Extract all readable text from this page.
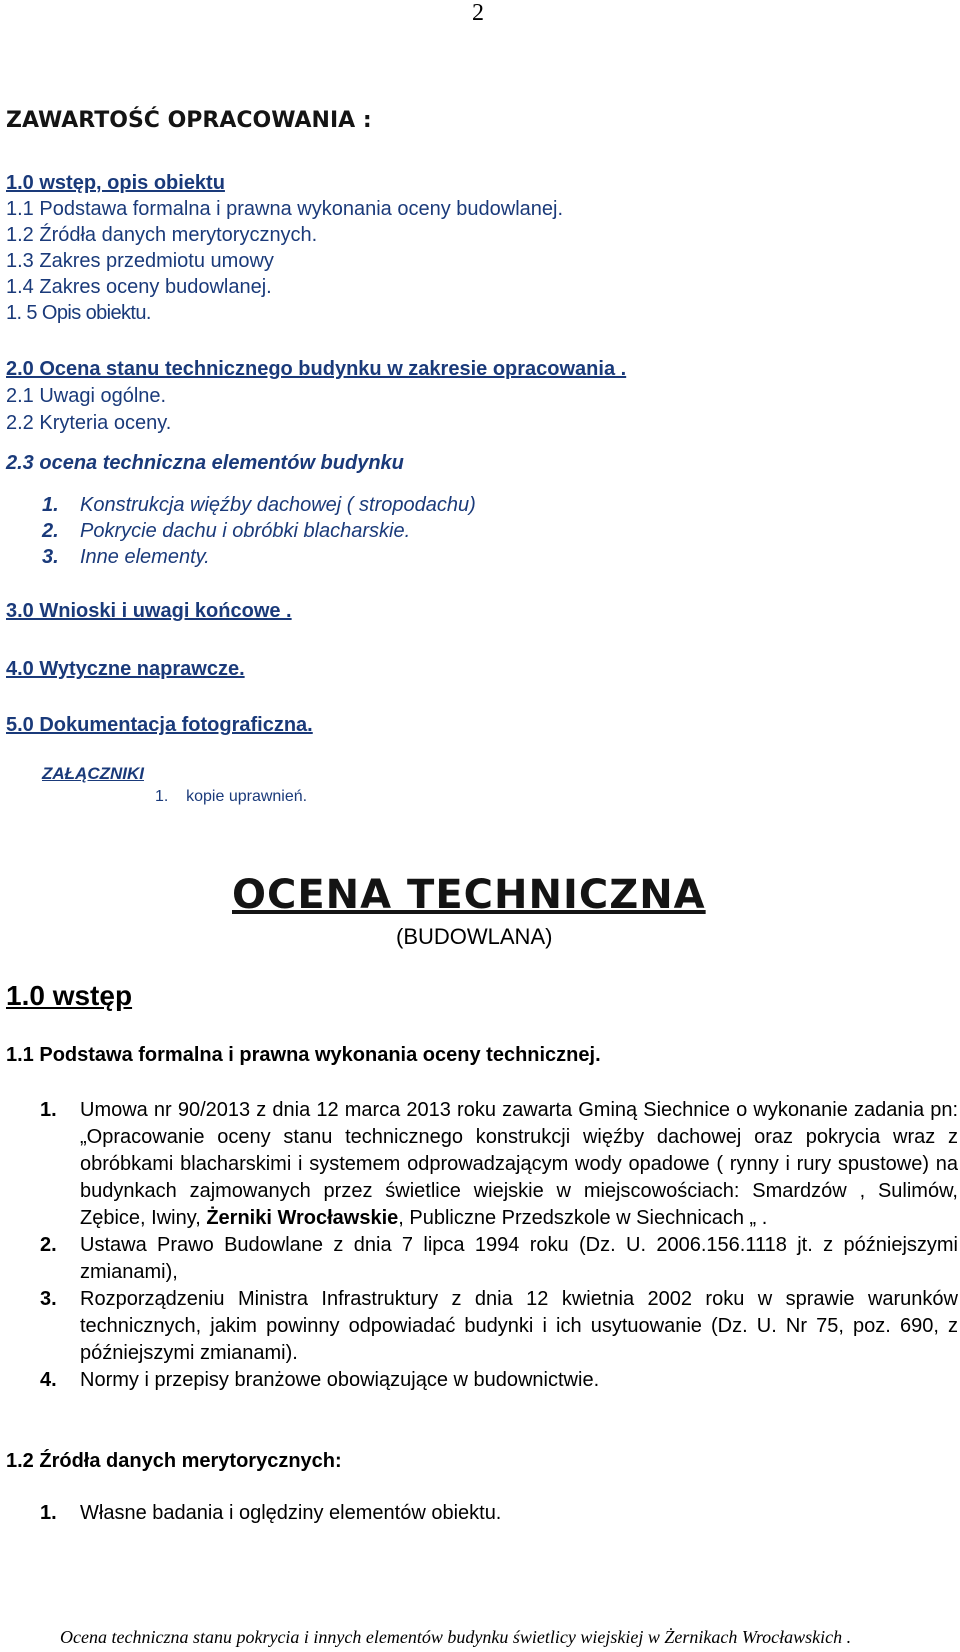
2
ZAWARTOŚĆ OPRACOWANIA :
1.0 wstęp, opis obiektu
1.1 Podstawa formalna i prawna wykonania oceny budowlanej.
1.2 Źródła danych merytorycznych.
1.3 Zakres przedmiotu umowy
1.4 Zakres oceny budowlanej.
1. 5 Opis obiektu.
2.0 Ocena stanu technicznego budynku w zakresie opracowania .
2.1 Uwagi ogólne.
2.2 Kryteria oceny.
2.3 ocena techniczna elementów budynku
1. Konstrukcja więźby dachowej ( stropodachu)
2. Pokrycie dachu i obróbki blacharskie.
3. Inne elementy.
3.0 Wnioski i uwagi końcowe .
4.0 Wytyczne naprawcze.
5.0 Dokumentacja fotograficzna.
ZAŁĄCZNIKI
1.    kopie uprawnień.
OCENA TECHNICZNA
(BUDOWLANA)
1.0 wstęp
1.1 Podstawa formalna i prawna wykonania oceny technicznej.
1.	Umowa nr 90/2013 z dnia 12 marca 2013 roku zawarta Gminą Siechnice o wykonanie zadania pn: „Opracowanie oceny stanu technicznego konstrukcji więźby dachowej oraz pokrycia wraz z obróbkami blacharskimi i systemem odprowadzającym wody opadowe ( rynny i rury spustowe) na budynkach zajmowanych przez świetlice wiejskie w miejscowościach: Smardzów , Sulimów, Zębice, Iwiny, Żerniki Wrocławskie, Publiczne Przedszkole w Siechnicach „ .
2.	Ustawa Prawo Budowlane z dnia 7 lipca 1994 roku (Dz. U. 2006.156.1118 jt. z późniejszymi zmianami),
3.	Rozporządzeniu Ministra Infrastruktury z dnia 12 kwietnia 2002 roku w sprawie warunków technicznych, jakim powinny odpowiadać budynki i ich usytuowanie (Dz. U. Nr 75, poz. 690, z późniejszymi zmianami).
4.	Normy i przepisy branżowe obowiązujące w budownictwie.
1.2 Źródła danych merytorycznych:
1.	Własne badania i oględziny elementów obiektu.
Ocena techniczna stanu pokrycia i innych elementów budynku świetlicy wiejskiej w Żernikach Wrocławskich .
